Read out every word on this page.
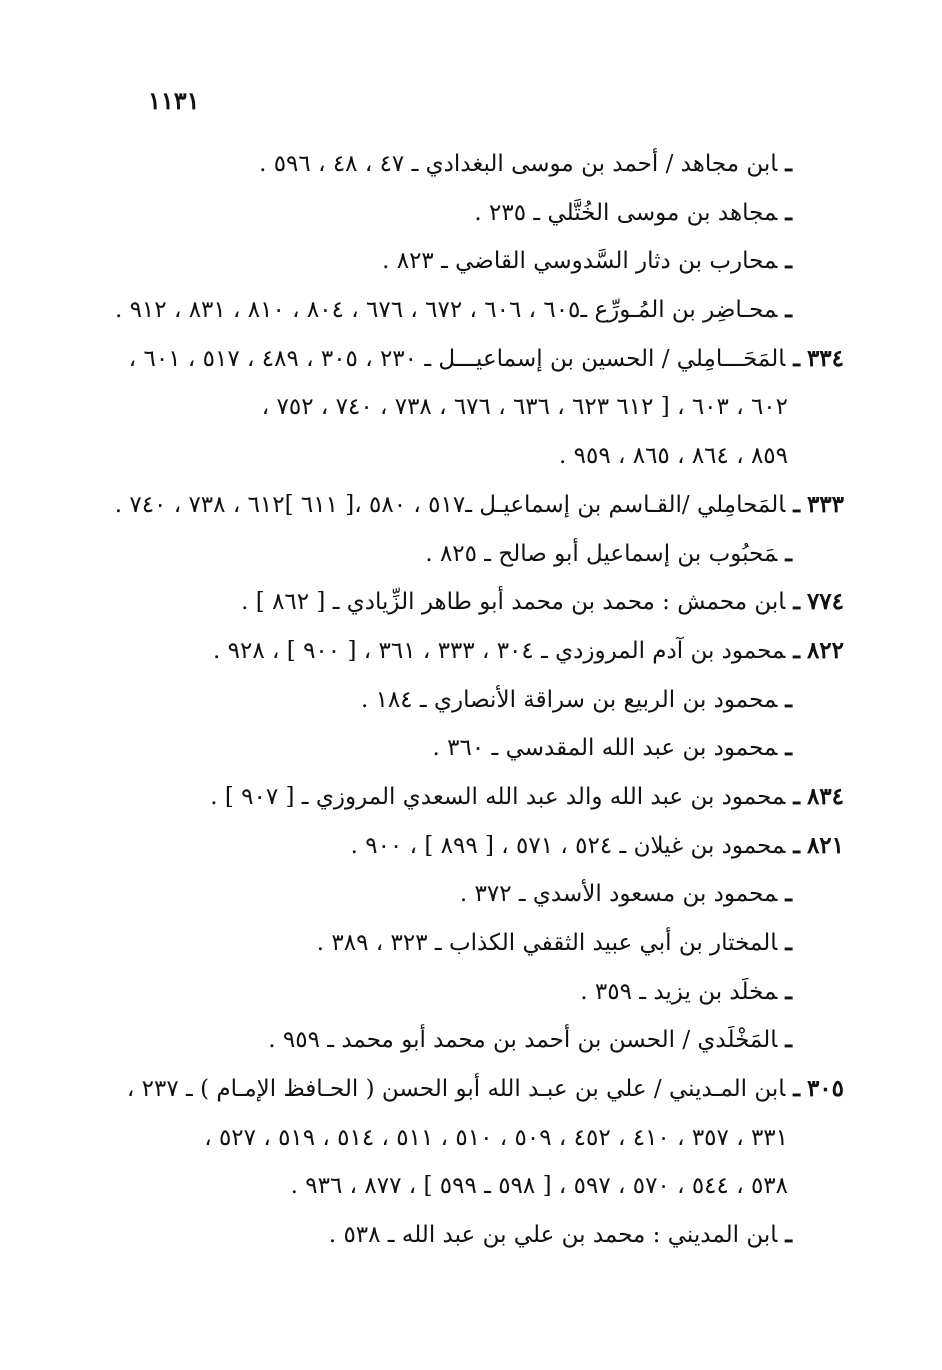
١١٣١
ـابن مجاهد / أحمد بن موسى البغدادي ـ ٤٧ ، ٤٨ ، ٥٩٦ .
ـمجاهد بن موسى الخُتَّلي ـ ٢٣٥ .
ـمحارب بن دثار السَّدوسي القاضي ـ ٨٢٣ .
ـمحـاضِر بن المُـورِّع ـ٦٠٥ ، ٦٠٦ ، ٦٧٢ ، ٦٧٦ ، ٨٠٤ ، ٨١٠ ، ٨٣١ ، ٩١٢ .
٣٣٤ـالمَحَـــامِلي / الحسين بن إسماعيـــل ـ ٢٣٠ ، ٣٠٥ ، ٤٨٩ ، ٥١٧ ، ٦٠١ ،
٦٠٢ ، ٦٠٣ ، [ ٦١٢ ٦٢٣ ، ٦٣٦ ، ٦٧٦ ، ٧٣٨ ، ٧٤٠ ، ٧٥٢ ،
٨٥٩ ، ٨٦٤ ، ٨٦٥ ، ٩٥٩ .
٣٣٣ـالمَحامِلي /القـاسم بن إسماعيـل ـ٥١٧ ، ٥٨٠ ،[ ٦١١ ]٦١٢ ، ٧٣٨ ، ٧٤٠ .
ـمَحبُوب بن إسماعيل أبو صالح ـ ٨٢٥ .
٧٧٤ـابن محمش : محمد بن محمد أبو طاهر الزِّيادي ـ [ ٨٦٢ ] .
٨٢٢ـمحمود بن آدم المروزدي ـ ٣٠٤ ، ٣٣٣ ، ٣٦١ ، [ ٩٠٠ ] ، ٩٢٨ .
ـمحمود بن الربيع بن سراقة الأنصاري ـ ١٨٤ .
ـمحمود بن عبد الله المقدسي ـ ٣٦٠ .
٨٣٤ـمحمود بن عبد الله والد عبد الله السعدي المروزي ـ [ ٩٠٧ ] .
٨٢١ـمحمود بن غيلان ـ ٥٢٤ ، ٥٧١ ، [ ٨٩٩ ] ، ٩٠٠ .
ـمحمود بن مسعود الأسدي ـ ٣٧٢ .
ـالمختار بن أبي عبيد الثقفي الكذاب ـ ٣٢٣ ، ٣٨٩ .
ـمخلَد بن يزيد ـ ٣٥٩ .
ـالمَخْلَدي / الحسن بن أحمد بن محمد أبو محمد ـ ٩٥٩ .
٣٠٥ـابن المـديني / علي بن عبـد الله أبو الحسن ( الحـافظ الإمـام ) ـ ٢٣٧ ،
٣٣١ ، ٣٥٧ ، ٤١٠ ، ٤٥٢ ، ٥٠٩ ، ٥١٠ ، ٥١١ ، ٥١٤ ، ٥١٩ ، ٥٢٧ ،
٥٣٨ ، ٥٤٤ ، ٥٧٠ ، ٥٩٧ ، [ ٥٩٨ ـ ٥٩٩ ] ، ٨٧٧ ، ٩٣٦ .
ـابن المديني : محمد بن علي بن عبد الله ـ ٥٣٨ .
